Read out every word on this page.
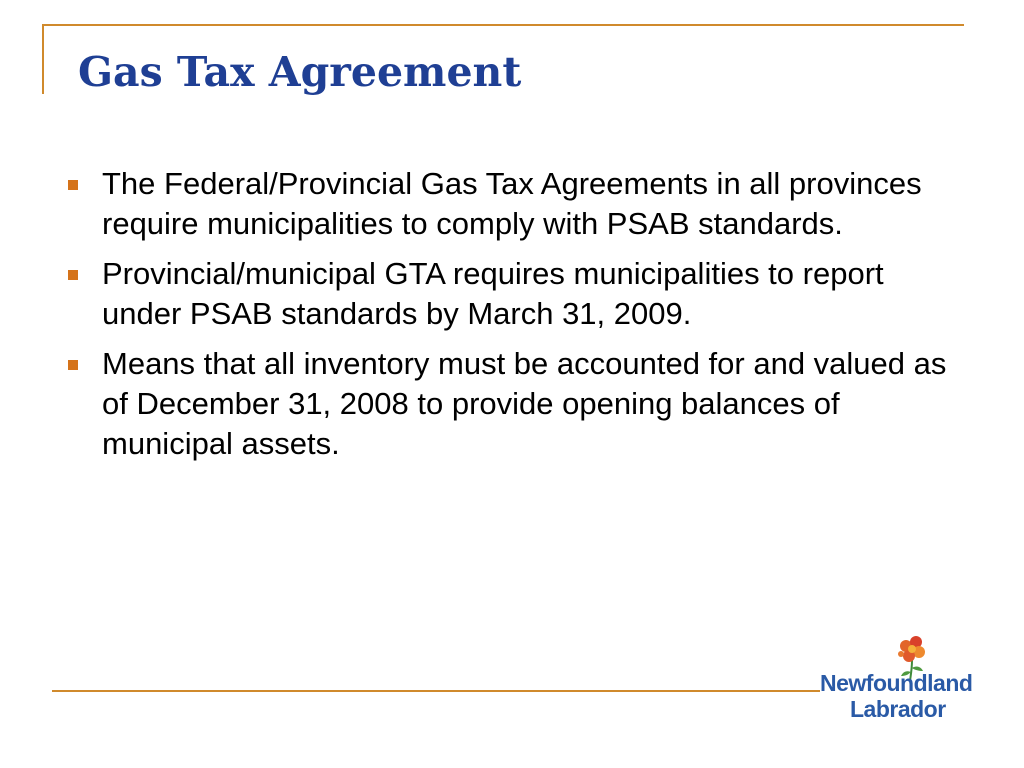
Gas Tax Agreement
The Federal/Provincial Gas Tax Agreements in all provinces require municipalities to comply with PSAB standards.
Provincial/municipal GTA requires municipalities to report under PSAB standards by March 31, 2009.
Means that all inventory must be accounted for and valued as of December 31, 2008 to provide opening balances of municipal assets.
Newfoundland
Labrador
